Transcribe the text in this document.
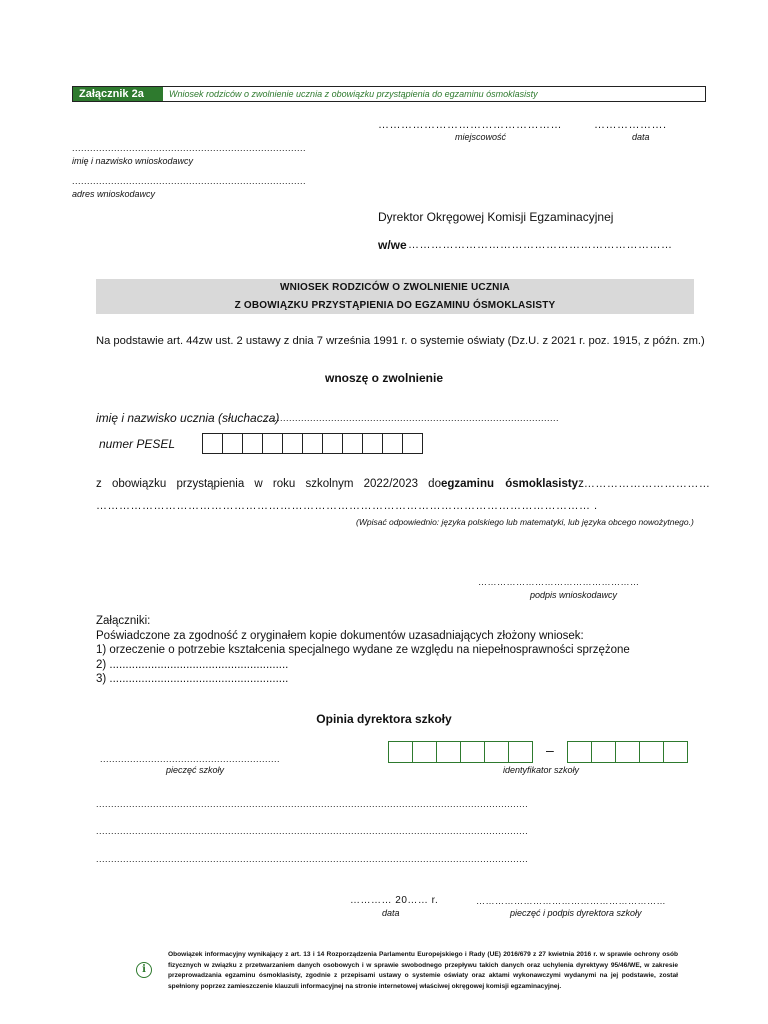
Załącznik 2a	Wniosek rodziców o zwolnienie ucznia z obowiązku przystąpienia do egzaminu ósmoklasisty
…………………………………………
miejscowość
……………….
data
..............................................................................
imię i nazwisko wnioskodawcy
..............................................................................
adres wnioskodawcy
Dyrektor Okręgowej Komisji Egzaminacyjnej
w/we ……………………………………………………………
WNIOSEK RODZICÓW O ZWOLNIENIE UCZNIA
Z OBOWIĄZKU PRZYSTĄPIENIA DO EGZAMINU ÓSMOKLASISTY
Na podstawie art. 44zw ust. 2 ustawy z dnia 7 września 1991 r. o systemie oświaty (Dz.U. z 2021 r. poz. 1915, z późn. zm.)
wnoszę o zwolnienie
imię i nazwisko ucznia (słuchacza)
..................................................................................................
numer PESEL
z obowiązku przystąpienia w roku szkolnym 2022/2023 do egzaminu ósmoklasisty z ……………………………
………………………………………………………………………………………………………………… .
(Wpisać odpowiednio: języka polskiego lub matematyki, lub języka obcego nowożytnego.)
……………………………………………
podpis wnioskodawcy
Załączniki:
Poświadczone za zgodność z oryginałem kopie dokumentów uzasadniających złożony wniosek:
1) orzeczenie o potrzebie kształcenia specjalnego wydane ze względu na niepełnosprawności sprzężone
2) ........................................................
3) ........................................................
Opinia dyrektora szkoły
............................................................
pieczęć szkoły
–
identyfikator szkoły
................................................................................................................................................
................................................................................................................................................
................................................................................................................................................
………… 20…… r.
data
……………………………………………………
pieczęć i podpis dyrektora szkoły
i
Obowiązek informacyjny wynikający z art. 13 i 14 Rozporządzenia Parlamentu Europejskiego i Rady (UE) 2016/679 z 27 kwietnia 2016 r. w sprawie ochrony osób fizycznych w związku z przetwarzaniem danych osobowych i w sprawie swobodnego przepływu takich danych oraz uchylenia dyrektywy 95/46/WE, w zakresie przeprowadzania egzaminu ósmoklasisty, zgodnie z przepisami ustawy o systemie oświaty oraz aktami wykonawczymi wydanymi na jej podstawie, został spełniony poprzez zamieszczenie klauzuli informacyjnej na stronie internetowej właściwej okręgowej komisji egzaminacyjnej.
